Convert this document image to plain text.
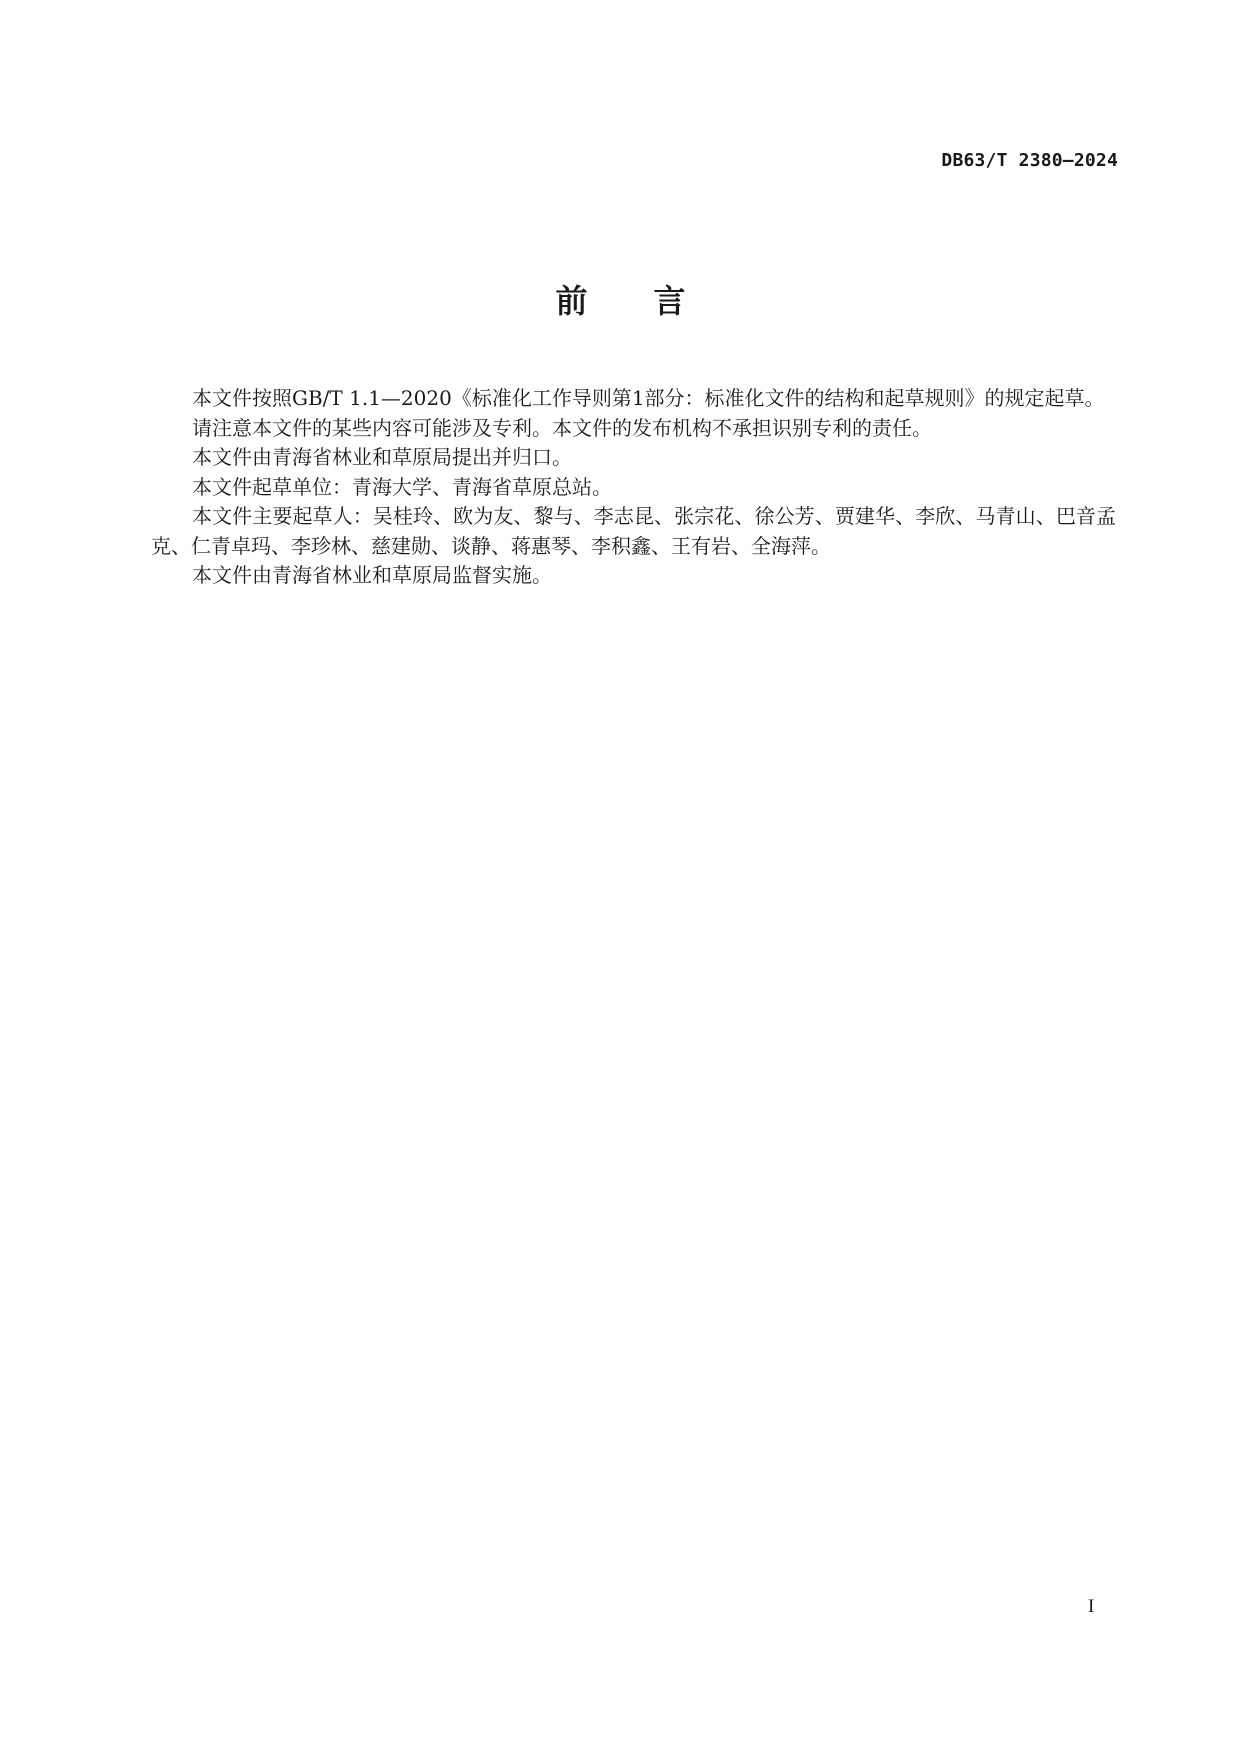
DB63/T 2380—2024
前言

本文件按照GB/T 1.1—2020《标准化工作导则第1部分：标准化文件的结构和起草规则》的规定起草。

请注意本文件的某些内容可能涉及专利。本文件的发布机构不承担识别专利的责任。

本文件由青海省林业和草原局提出并归口。

本文件起草单位：青海大学、青海省草原总站。

本文件主要起草人：吴桂玲、欧为友、黎与、李志昆、张宗花、徐公芳、贾建华、李欣、马青山、巴音孟克、仁青卓玛、李珍林、慈建勋、谈静、蒋惠琴、李积鑫、王有岩、全海萍。

本文件由青海省林业和草原局监督实施。

I
